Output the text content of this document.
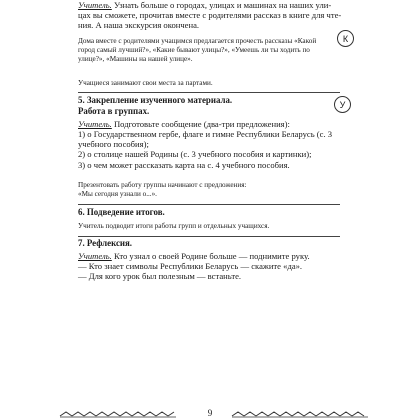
Учитель. Узнать больше о городах, улицах и машинах на наших ули-
цах вы сможете, прочитав вместе с родителями рассказ в книге для чте-
ния. А наша экскурсия окончена.
Дома вместе с родителями учащимся предлагается прочесть рассказы «Какой
город самый лучший?», «Какие бывают улицы?», «Умеешь ли ты ходить по
улице?», «Машины на нашей улице».
К
Учащиеся занимают свои места за партами.
5. Закрепление изученного материала.
Работа в группах.
Учитель. Подготовьте сообщение (два-три предложения):
1) о Государственном гербе, флаге и гимне Республики Беларусь (с. 3
учебного пособия);
2) о столице нашей Родины (с. 3 учебного пособия и картинки);
3) о чем может рассказать карта на с. 4 учебного пособия.
У
Презентовать работу группы начинают с предложения:
«Мы сегодня узнали о...».
6. Подведение итогов.
Учитель подводит итоги работы групп и отдельных учащихся.
7. Рефлексия.
Учитель. Кто узнал о своей Родине больше — поднимите руку.
— Кто знает символы Республики Беларусь — скажите «да».
— Для кого урок был полезным — встаньте.
9
